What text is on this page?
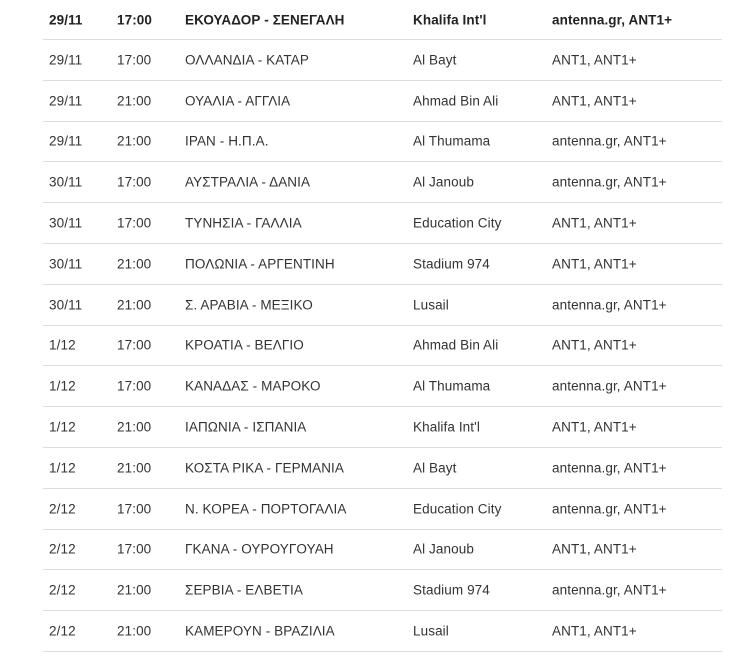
29/11	17:00 ΕΚΟΥΑΔΟΡ - ΣΕΝΕΓΑΛΗ	Khalifa Int'l	antenna.gr, ANT1+
29/11	17:00 ΟΛΛΑΝΔΙΑ - ΚΑΤΑΡ	Al Bayt	ANT1, ANT1+
29/11	21:00 ΟΥΑΛΙΑ - ΑΓΓΛΙΑ	Ahmad Bin Ali	ANT1, ANT1+
29/11	21:00 ΙΡΑΝ - Η.Π.Α.	Al Thumama	antenna.gr, ANT1+
30/11	17:00 ΑΥΣΤΡΑΛΙΑ - ΔΑΝΙΑ	Al Janoub	antenna.gr, ANT1+
30/11	17:00 ΤΥΝΗΣΙΑ - ΓΑΛΛΙΑ	Education City	ANT1, ANT1+
30/11	21:00 ΠΟΛΩΝΙΑ - ΑΡΓΕΝΤΙΝΗ	Stadium 974	ANT1, ANT1+
30/11	21:00 Σ. ΑΡΑΒΙΑ - ΜΕΞΙΚΟ	Lusail	antenna.gr, ANT1+
1/12	17:00 ΚΡΟΑΤΙΑ - ΒΕΛΓΙΟ	Ahmad Bin Ali	ANT1, ANT1+
1/12	17:00 ΚΑΝΑΔΑΣ - ΜΑΡΟΚΟ	Al Thumama	antenna.gr, ANT1+
1/12	21:00 ΙΑΠΩΝΙΑ - ΙΣΠΑΝΙΑ	Khalifa Int'l	ANT1, ANT1+
1/12	21:00 ΚΟΣΤΑ ΡΙΚΑ - ΓΕΡΜΑΝΙΑ	Al Bayt	antenna.gr, ANT1+
2/12	17:00 Ν. ΚΟΡΕΑ - ΠΟΡΤΟΓΑΛΙΑ	Education City	antenna.gr, ANT1+
2/12	17:00 ΓΚΑΝΑ - ΟΥΡΟΥΓΟΥΑΗ	Al Janoub	ANT1, ANT1+
2/12	21:00 ΣΕΡΒΙΑ - ΕΛΒΕΤΙΑ	Stadium 974	antenna.gr, ANT1+
2/12	21:00 ΚΑΜΕΡΟΥΝ - ΒΡΑΖΙΛΙΑ	Lusail	ANT1, ANT1+
